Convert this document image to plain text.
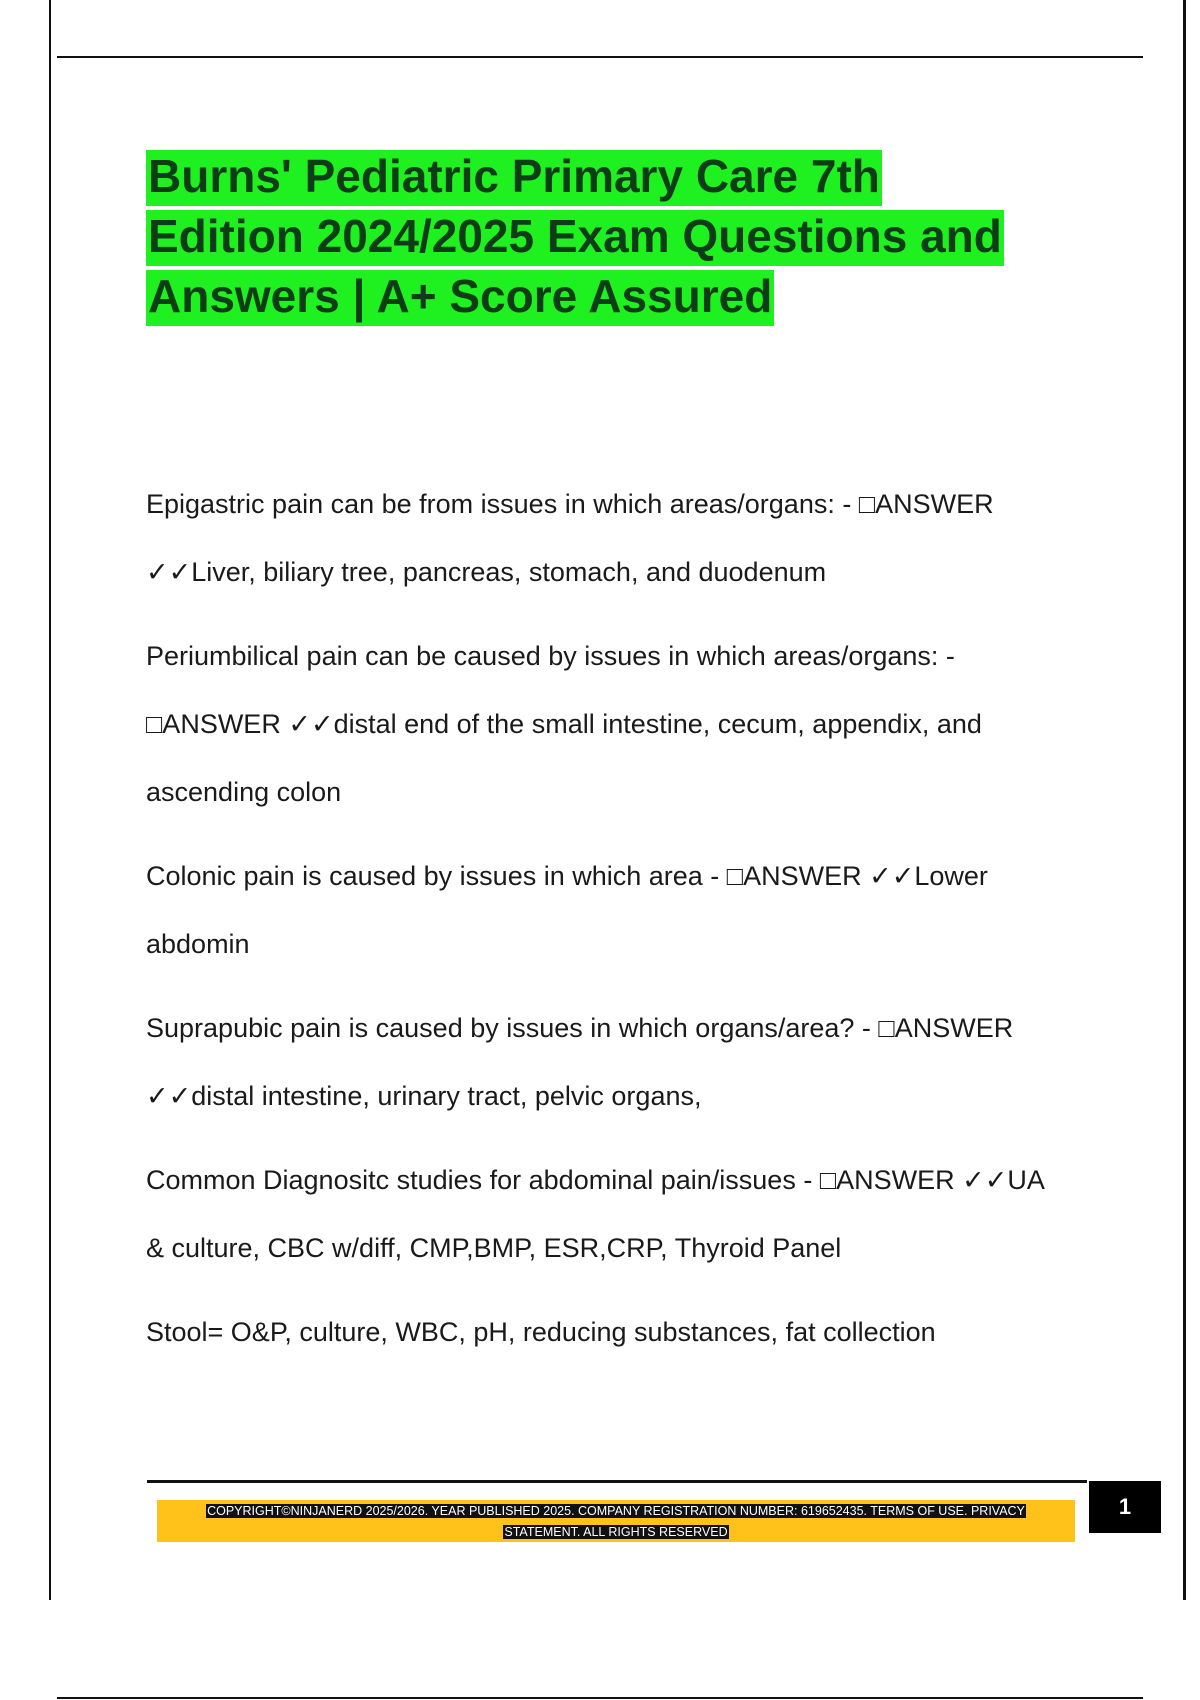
Burns' Pediatric Primary Care 7th
Edition 2024/2025 Exam Questions and
Answers | A+ Score Assured

Epigastric pain can be from issues in which areas/organs: - □ANSWER
✓✓Liver, biliary tree, pancreas, stomach, and duodenum

Periumbilical pain can be caused by issues in which areas/organs: -
□ANSWER ✓✓distal end of the small intestine, cecum, appendix, and
ascending colon

Colonic pain is caused by issues in which area - □ANSWER ✓✓Lower
abdomin

Suprapubic pain is caused by issues in which organs/area? - □ANSWER
✓✓distal intestine, urinary tract, pelvic organs,

Common Diagnositc studies for abdominal pain/issues - □ANSWER ✓✓UA
& culture, CBC w/diff, CMP,BMP, ESR,CRP, Thyroid Panel

Stool= O&P, culture, WBC, pH, reducing substances, fat collection

COPYRIGHT©NINJANERD 2025/2026. YEAR PUBLISHED 2025. COMPANY REGISTRATION NUMBER: 619652435. TERMS OF USE. PRIVACY
STATEMENT. ALL RIGHTS RESERVED
1
